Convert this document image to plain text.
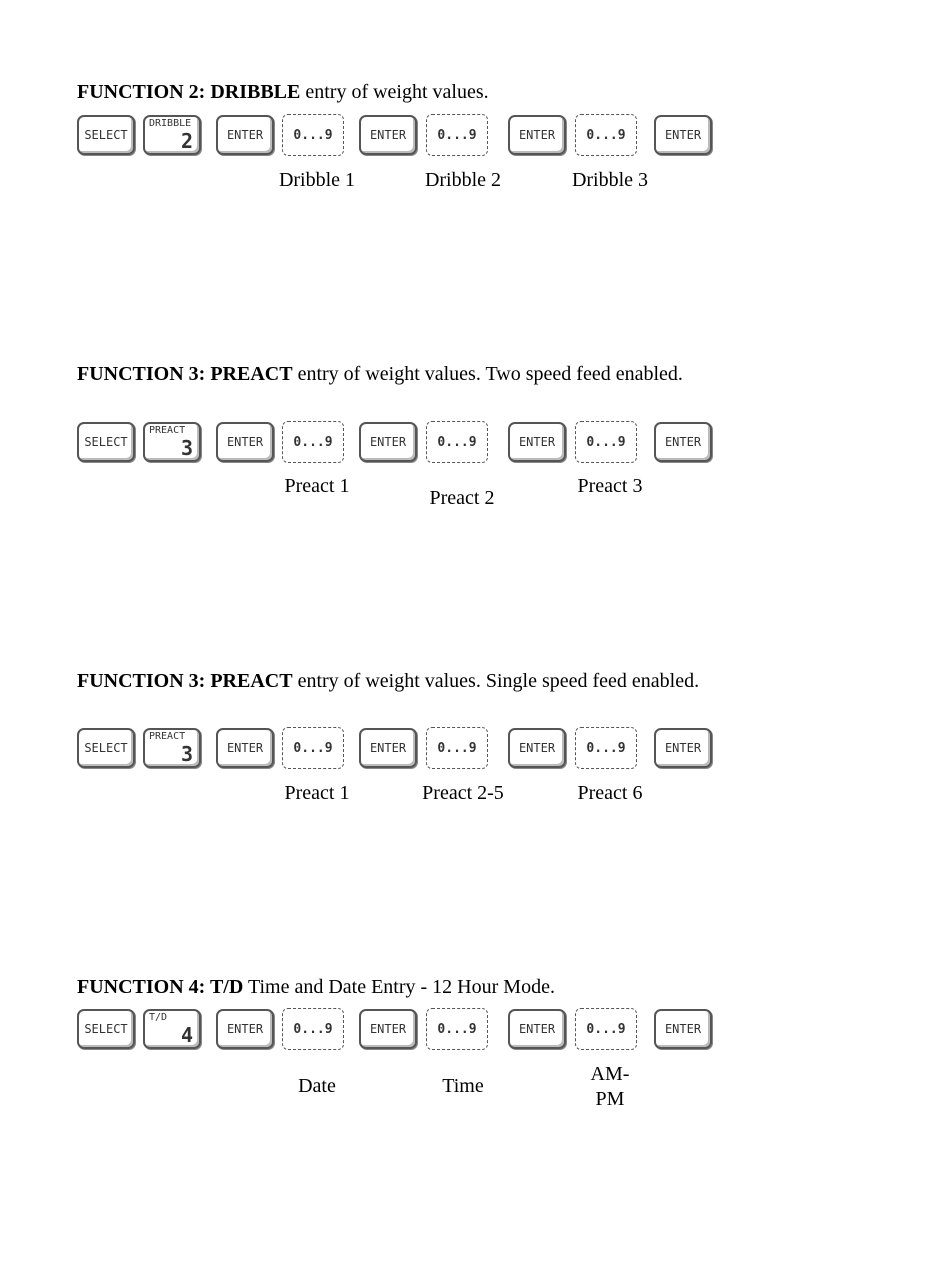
FUNCTION 2: DRIBBLE entry of weight values.

SELECT
DRIBBLE
2	ENTER	0...9	ENTER	0...9	ENTER	0...9	ENTER
Dribble 1	Dribble 2	Dribble 3

FUNCTION 3: PREACT entry of weight values. Two speed feed enabled.

SELECT
PREACT
3	ENTER	0...9	ENTER	0...9	ENTER	0...9	ENTER
Preact 1
Preact 2
Preact 3

FUNCTION 3: PREACT entry of weight values. Single speed feed enabled.

SELECT
PREACT
3	ENTER	0...9	ENTER	0...9	ENTER	0...9	ENTER
Preact 1	Preact 2-5	Preact 6

FUNCTION 4: T/D Time and Date Entry - 12 Hour Mode.

SELECT
T/D
4	ENTER	0...9	ENTER	0...9	ENTER	0...9	ENTER
Date	Time
AM-PM
